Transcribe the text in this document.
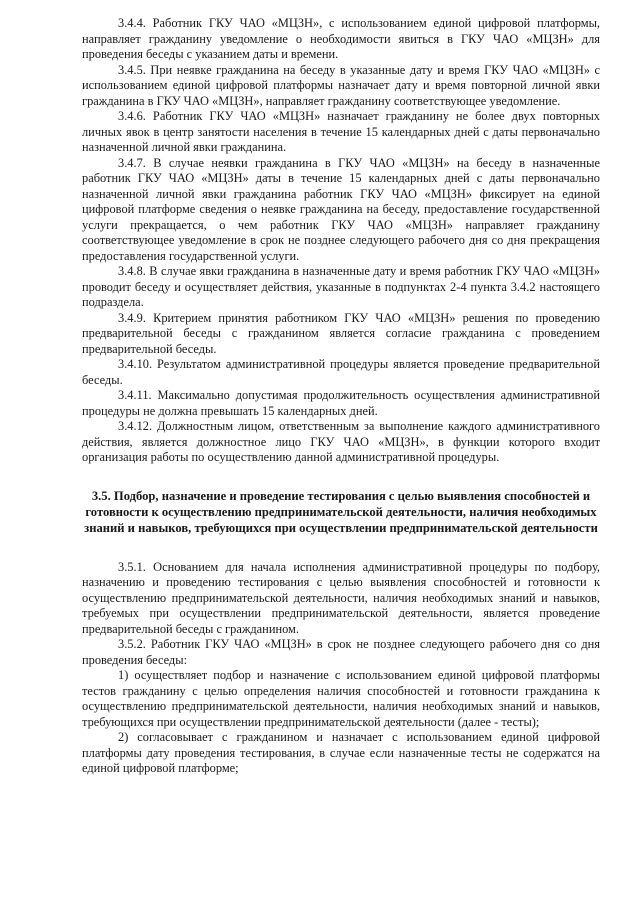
3.4.4. Работник ГКУ ЧАО «МЦЗН», с использованием единой цифровой платформы, направляет гражданину уведомление о необходимости явиться в ГКУ ЧАО «МЦЗН» для проведения беседы с указанием даты и времени.

3.4.5. При неявке гражданина на беседу в указанные дату и время ГКУ ЧАО «МЦЗН» с использованием единой цифровой платформы назначает дату и время повторной личной явки гражданина в ГКУ ЧАО «МЦЗН», направляет гражданину соответствующее уведомление.

3.4.6. Работник ГКУ ЧАО «МЦЗН» назначает гражданину не более двух повторных личных явок в центр занятости населения в течение 15 календарных дней с даты первоначально назначенной личной явки гражданина.

3.4.7. В случае неявки гражданина в ГКУ ЧАО «МЦЗН» на беседу в назначенные работник ГКУ ЧАО «МЦЗН» даты в течение 15 календарных дней с даты первоначально назначенной личной явки гражданина работник ГКУ ЧАО «МЦЗН» фиксирует на единой цифровой платформе сведения о неявке гражданина на беседу, предоставление государственной услуги прекращается, о чем работник ГКУ ЧАО «МЦЗН» направляет гражданину соответствующее уведомление в срок не позднее следующего рабочего дня со дня прекращения предоставления государственной услуги.

3.4.8. В случае явки гражданина в назначенные дату и время работник ГКУ ЧАО «МЦЗН» проводит беседу и осуществляет действия, указанные в подпунктах 2-4 пункта 3.4.2 настоящего подраздела.

3.4.9. Критерием принятия работником ГКУ ЧАО «МЦЗН» решения по проведению предварительной беседы с гражданином является согласие гражданина с проведением предварительной беседы.

3.4.10. Результатом административной процедуры является проведение предварительной беседы.

3.4.11. Максимально допустимая продолжительность осуществления административной процедуры не должна превышать 15 календарных дней.

3.4.12. Должностным лицом, ответственным за выполнение каждого административного действия, является должностное лицо ГКУ ЧАО «МЦЗН», в функции которого входит организация работы по осуществлению данной административной процедуры.

3.5. Подбор, назначение и проведение тестирования с целью выявления способностей и готовности к осуществлению предпринимательской деятельности, наличия необходимых знаний и навыков, требующихся при осуществлении предпринимательской деятельности

3.5.1. Основанием для начала исполнения административной процедуры по подбору, назначению и проведению тестирования с целью выявления способностей и готовности к осуществлению предпринимательской деятельности, наличия необходимых знаний и навыков, требуемых при осуществлении предпринимательской деятельности, является проведение предварительной беседы с гражданином.

3.5.2. Работник ГКУ ЧАО «МЦЗН» в срок не позднее следующего рабочего дня со дня проведения беседы:

1) осуществляет подбор и назначение с использованием единой цифровой платформы тестов гражданину с целью определения наличия способностей и готовности гражданина к осуществлению предпринимательской деятельности, наличия необходимых знаний и навыков, требующихся при осуществлении предпринимательской деятельности (далее - тесты);

2) согласовывает с гражданином и назначает с использованием единой цифровой платформы дату проведения тестирования, в случае если назначенные тесты не содержатся на единой цифровой платформе;
